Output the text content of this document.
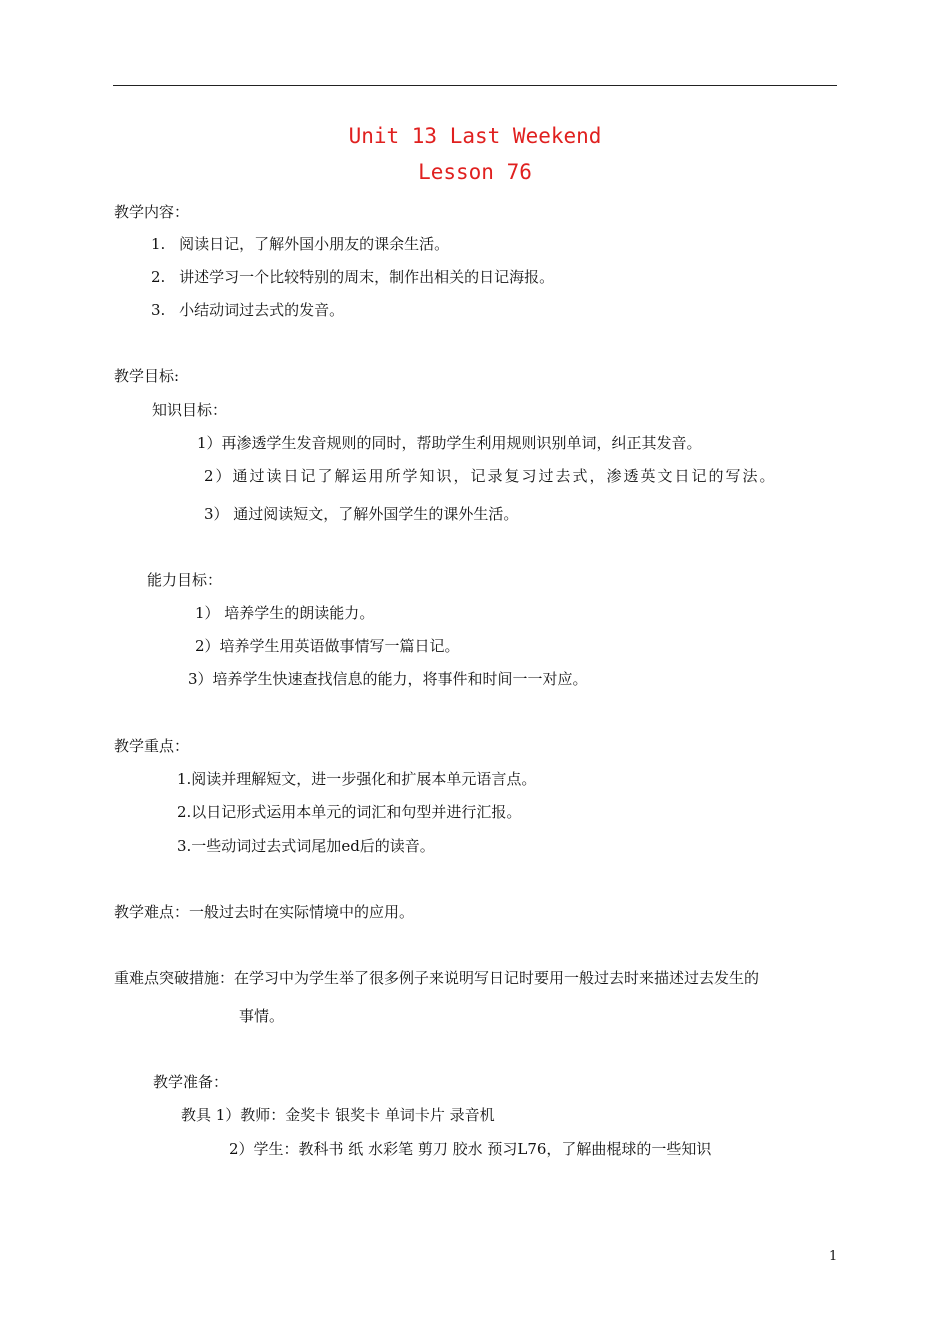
Unit 13 Last Weekend
Lesson 76
教学内容：
1. 阅读日记，了解外国小朋友的课余生活。
2. 讲述学习一个比较特别的周末，制作出相关的日记海报。
3. 小结动词过去式的发音。
教学目标:
知识目标：
1）再渗透学生发音规则的同时，帮助学生利用规则识别单词，纠正其发音。
2）通过读日记了解运用所学知识，记录复习过去式，渗透英文日记的写法。
3） 通过阅读短文，了解外国学生的课外生活。
能力目标：
1） 培养学生的朗读能力。
2）培养学生用英语做事情写一篇日记。
3）培养学生快速查找信息的能力，将事件和时间一一对应。
教学重点：
1.阅读并理解短文，进一步强化和扩展本单元语言点。
2.以日记形式运用本单元的词汇和句型并进行汇报。
3.一些动词过去式词尾加ed后的读音。
教学难点：一般过去时在实际情境中的应用。
重难点突破措施：在学习中为学生举了很多例子来说明写日记时要用一般过去时来描述过去发生的
事情。
教学准备：
教具 1）教师：金奖卡 银奖卡 单词卡片 录音机
2）学生：教科书 纸 水彩笔 剪刀 胶水 预习L76，了解曲棍球的一些知识
1
